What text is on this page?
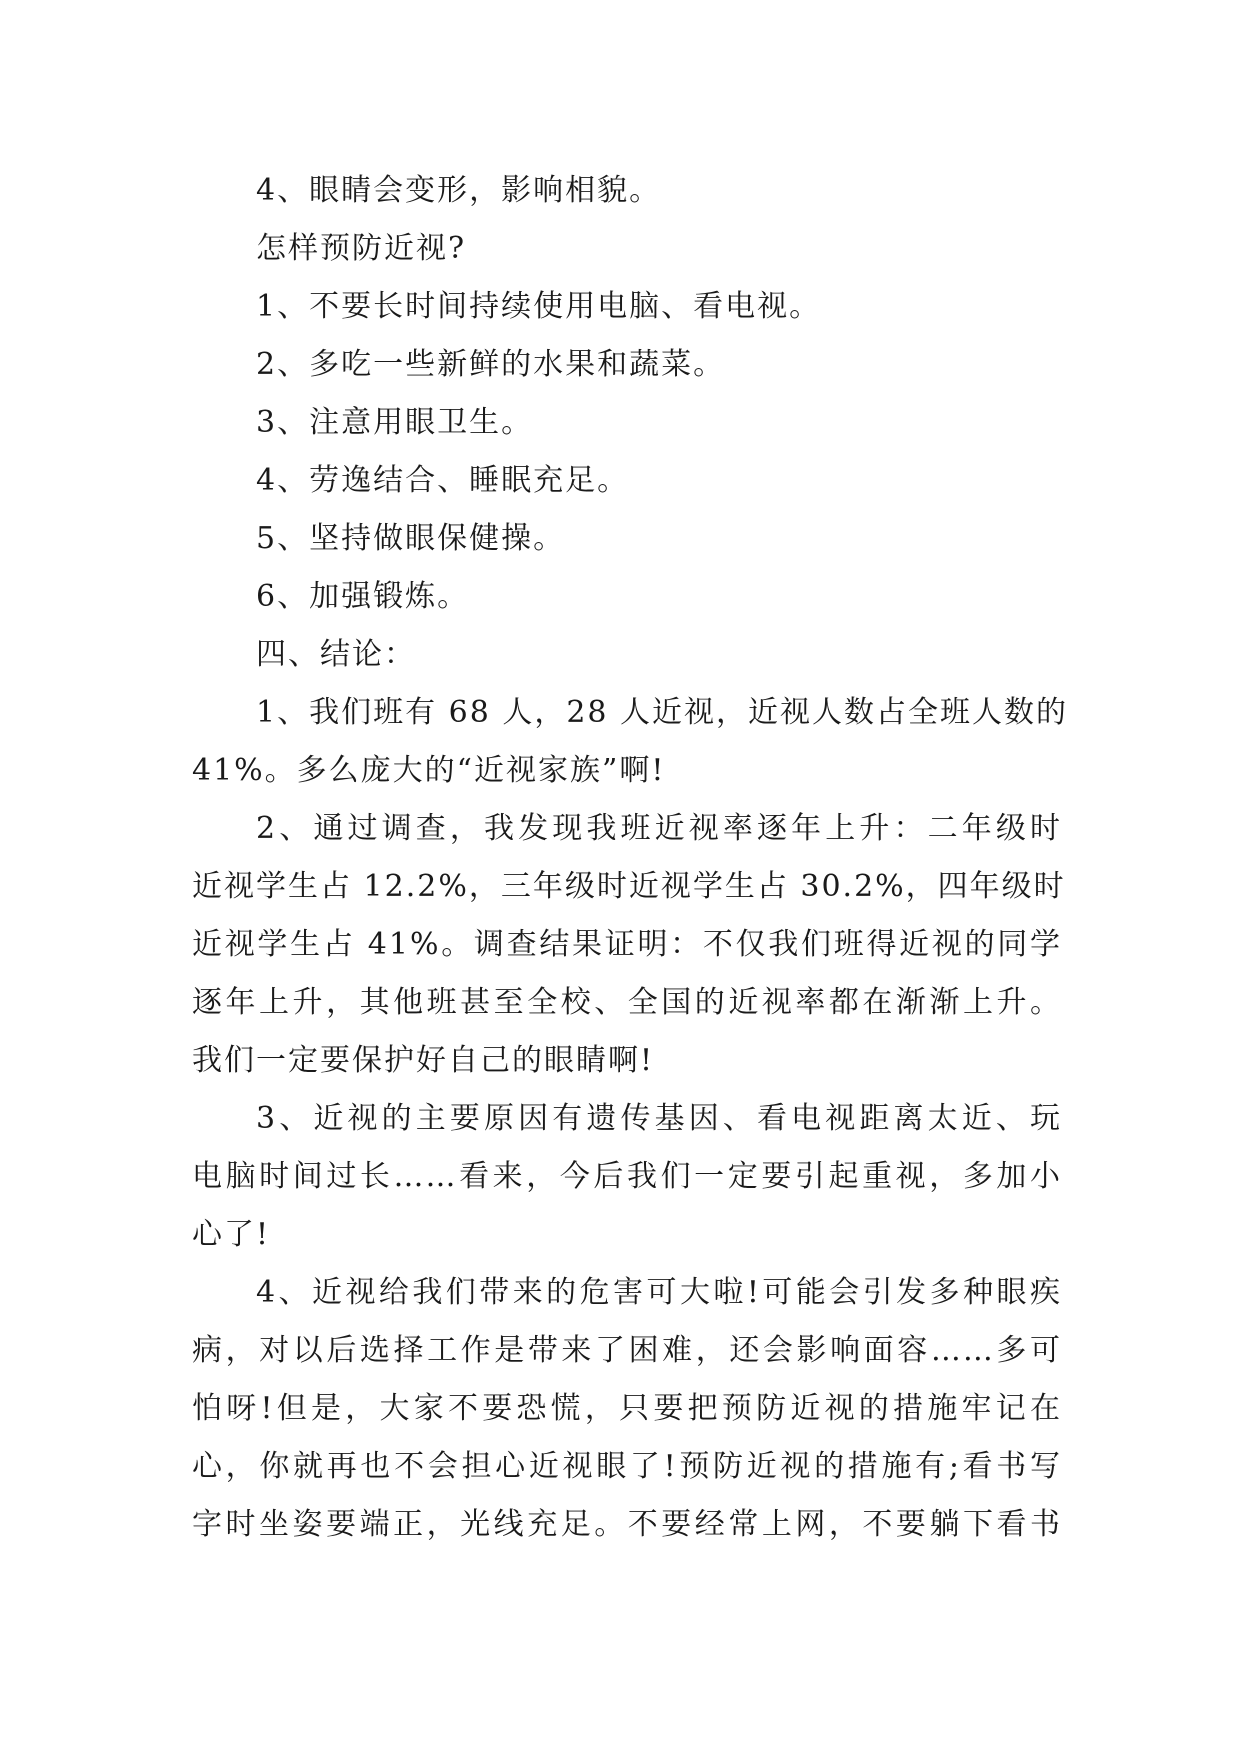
4、眼睛会变形，影响相貌。
怎样预防近视?
1、不要长时间持续使用电脑、看电视。
2、多吃一些新鲜的水果和蔬菜。
3、注意用眼卫生。
4、劳逸结合、睡眠充足。
5、坚持做眼保健操。
6、加强锻炼。
四、结论：
1、我们班有 68 人，28 人近视，近视人数占全班人数的
41%。多么庞大的“近视家族”啊!
2、通过调查，我发现我班近视率逐年上升：二年级时
近视学生占 12.2%，三年级时近视学生占 30.2%，四年级时
近视学生占 41%。调查结果证明：不仅我们班得近视的同学
逐年上升，其他班甚至全校、全国的近视率都在渐渐上升。
我们一定要保护好自己的眼睛啊!
3、近视的主要原因有遗传基因、看电视距离太近、玩
电脑时间过长……看来，今后我们一定要引起重视，多加小
心了!
4、近视给我们带来的危害可大啦!可能会引发多种眼疾
病，对以后选择工作是带来了困难，还会影响面容……多可
怕呀!但是，大家不要恐慌，只要把预防近视的措施牢记在
心，你就再也不会担心近视眼了!预防近视的措施有;看书写
字时坐姿要端正，光线充足。不要经常上网，不要躺下看书
